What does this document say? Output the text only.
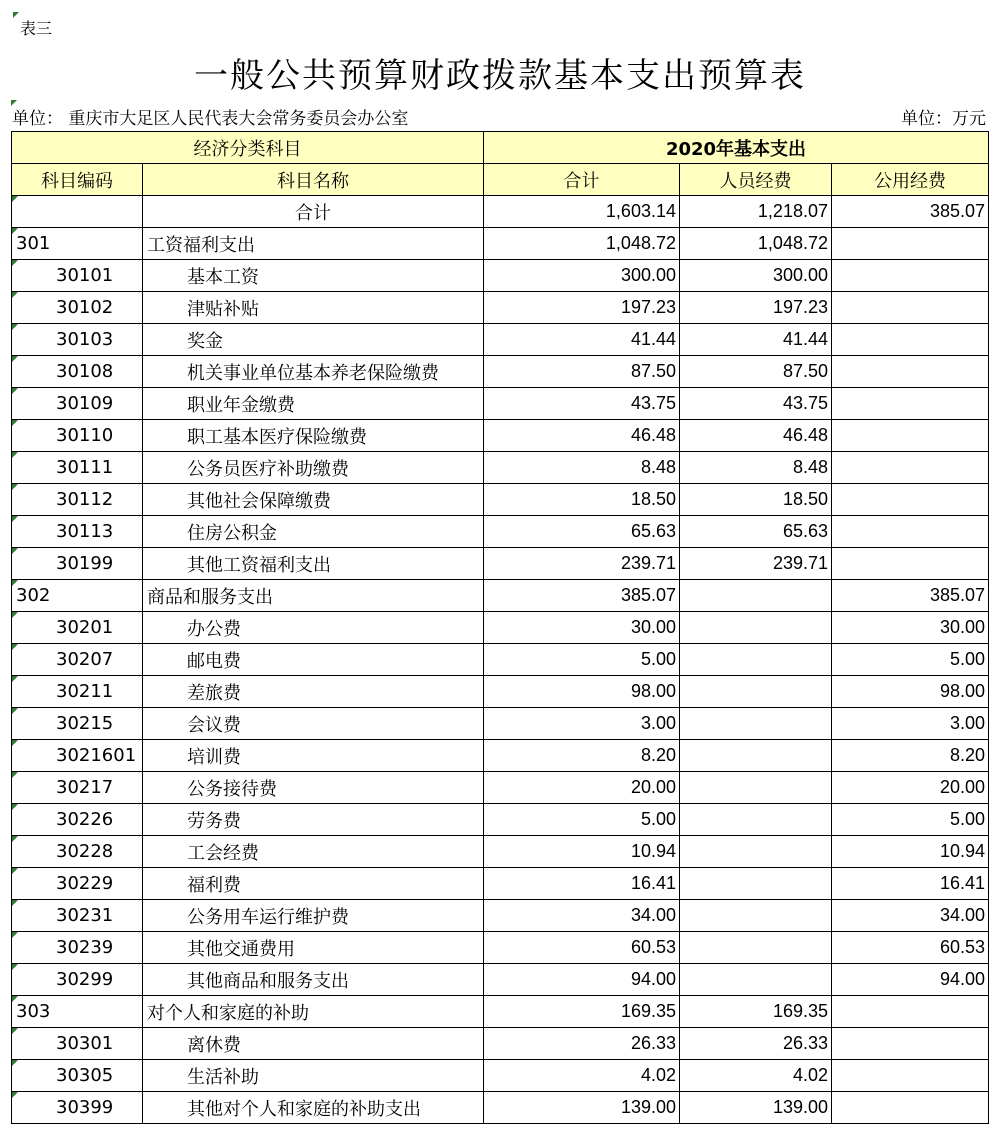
表三
一般公共预算财政拨款基本支出预算表
单位： 重庆市大足区人民代表大会常务委员会办公室	单位：万元
经济分类科目		2020年基本支出		
科目编码	科目名称	合计	人员经费	公用经费

	合计	1,603.14	1,218.07	385.07
301	工资福利支出	1,048.72	1,048.72	
30101	基本工资	300.00	300.00	
30102	津贴补贴	197.23	197.23	
30103	奖金	41.44	41.44	
30108	机关事业单位基本养老保险缴费	87.50	87.50	
30109	职业年金缴费	43.75	43.75	
30110	职工基本医疗保险缴费	46.48	46.48	
30111	公务员医疗补助缴费	8.48	8.48	
30112	其他社会保障缴费	18.50	18.50	
30113	住房公积金	65.63	65.63	
30199	其他工资福利支出	239.71	239.71	
302	商品和服务支出	385.07		385.07
30201	办公费	30.00		30.00
30207	邮电费	5.00		5.00
30211	差旅费	98.00		98.00
30215	会议费	3.00		3.00
3021601	培训费	8.20		8.20
30217	公务接待费	20.00		20.00
30226	劳务费	5.00		5.00
30228	工会经费	10.94		10.94
30229	福利费	16.41		16.41
30231	公务用车运行维护费	34.00		34.00
30239	其他交通费用	60.53		60.53
30299	其他商品和服务支出	94.00		94.00
303	对个人和家庭的补助	169.35	169.35	
30301	离休费	26.33	26.33	
30305	生活补助	4.02	4.02	
30399	其他对个人和家庭的补助支出	139.00	139.00	
